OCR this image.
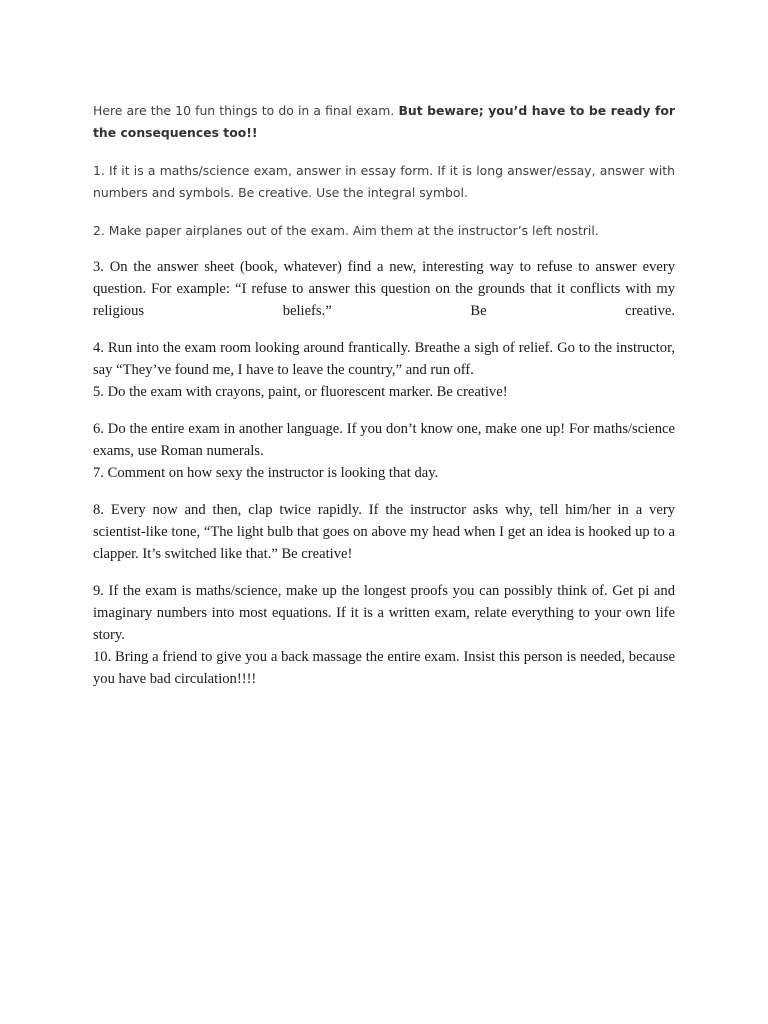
Here are the 10 fun things to do in a final exam. But beware; you’d have to be ready for the consequences too!!

1. If it is a maths/science exam, answer in essay form. If it is long answer/essay, answer with numbers and symbols. Be creative. Use the integral symbol.

2. Make paper airplanes out of the exam. Aim them at the instructor’s left nostril.

3. On the answer sheet (book, whatever) find a new, interesting way to refuse to answer every question. For example: “I refuse to answer this question on the grounds that it conflicts with my religious beliefs.” Be creative.

4. Run into the exam room looking around frantically. Breathe a sigh of relief. Go to the instructor, say “They’ve found me, I have to leave the country,” and run off.

5. Do the exam with crayons, paint, or fluorescent marker. Be creative!

6. Do the entire exam in another language. If you don’t know one, make one up! For maths/science exams, use Roman numerals.

7. Comment on how sexy the instructor is looking that day.

8. Every now and then, clap twice rapidly. If the instructor asks why, tell him/her in a very scientist-like tone, “The light bulb that goes on above my head when I get an idea is hooked up to a clapper. It’s switched like that.” Be creative!

9. If the exam is maths/science, make up the longest proofs you can possibly think of. Get pi and imaginary numbers into most equations. If it is a written exam, relate everything to your own life story.

10. Bring a friend to give you a back massage the entire exam. Insist this person is needed, because you have bad circulation!!!!
